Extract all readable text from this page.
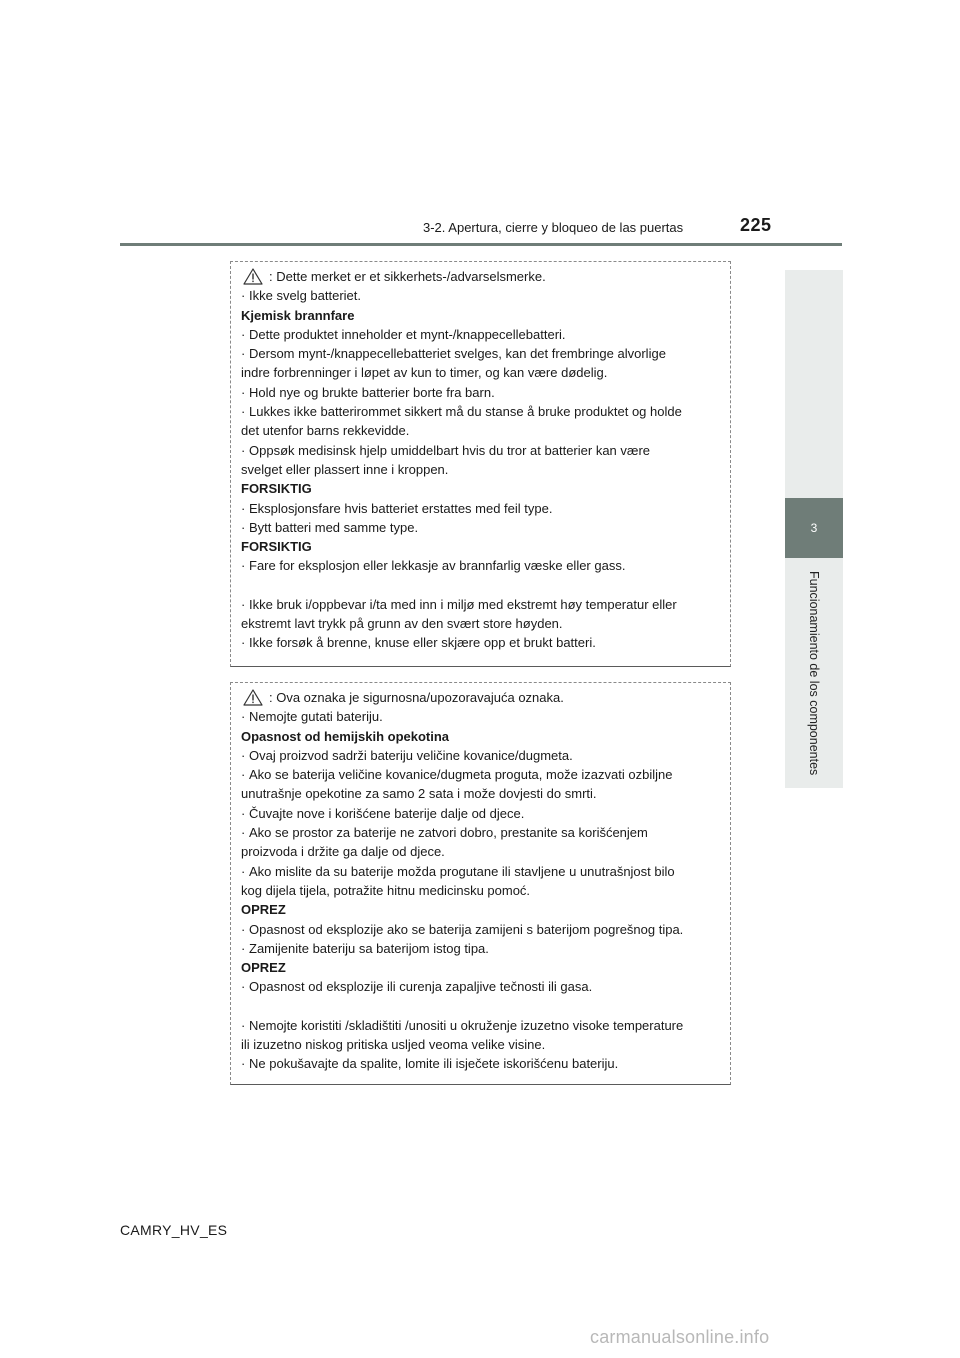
3-2. Apertura, cierre y bloqueo de las puertas	225
3
Funcionamiento de los componentes

: Dette merket er et sikkerhets-/advarselsmerke.

· Ikke svelg batteriet.

Kjemisk brannfare

· Dette produktet inneholder et mynt-/knappecellebatteri.

· Dersom mynt-/knappecellebatteriet svelges, kan det frembringe alvorlige

indre forbrenninger i løpet av kun to timer, og kan være dødelig.

· Hold nye og brukte batterier borte fra barn.

· Lukkes ikke batterirommet sikkert må du stanse å bruke produktet og holde

det utenfor barns rekkevidde.

· Oppsøk medisinsk hjelp umiddelbart hvis du tror at batterier kan være

svelget eller plassert inne i kroppen.

FORSIKTIG

· Eksplosjonsfare hvis batteriet erstattes med feil type.

· Bytt batteri med samme type.

FORSIKTIG

· Fare for eksplosjon eller lekkasje av brannfarlig væske eller gass.

· Ikke bruk i/oppbevar i/ta med inn i miljø med ekstremt høy temperatur eller

ekstremt lavt trykk på grunn av den svært store høyden.

· Ikke forsøk å brenne, knuse eller skjære opp et brukt batteri.

: Ova oznaka je sigurnosna/upozoravajuća oznaka.

· Nemojte gutati bateriju.

Opasnost od hemijskih opekotina

· Ovaj proizvod sadrži bateriju veličine kovanice/dugmeta.

· Ako se baterija veličine kovanice/dugmeta proguta, može izazvati ozbiljne

unutrašnje opekotine za samo 2 sata i može dovjesti do smrti.

· Čuvajte nove i korišćene baterije dalje od djece.

· Ako se prostor za baterije ne zatvori dobro, prestanite sa korišćenjem

proizvoda i držite ga dalje od djece.

· Ako mislite da su baterije možda progutane ili stavljene u unutrašnjost bilo

kog dijela tijela, potražite hitnu medicinsku pomoć.

OPREZ

· Opasnost od eksplozije ako se baterija zamijeni s baterijom pogrešnog tipa.

· Zamijenite bateriju sa baterijom istog tipa.

OPREZ

· Opasnost od eksplozije ili curenja zapaljive tečnosti ili gasa.

· Nemojte koristiti /skladištiti /unositi u okruženje izuzetno visoke temperature

ili izuzetno niskog pritiska usljed veoma velike visine.

· Ne pokušavajte da spalite, lomite ili isječete iskorišćenu bateriju.

CAMRY_HV_ES
carmanualsonline.info
